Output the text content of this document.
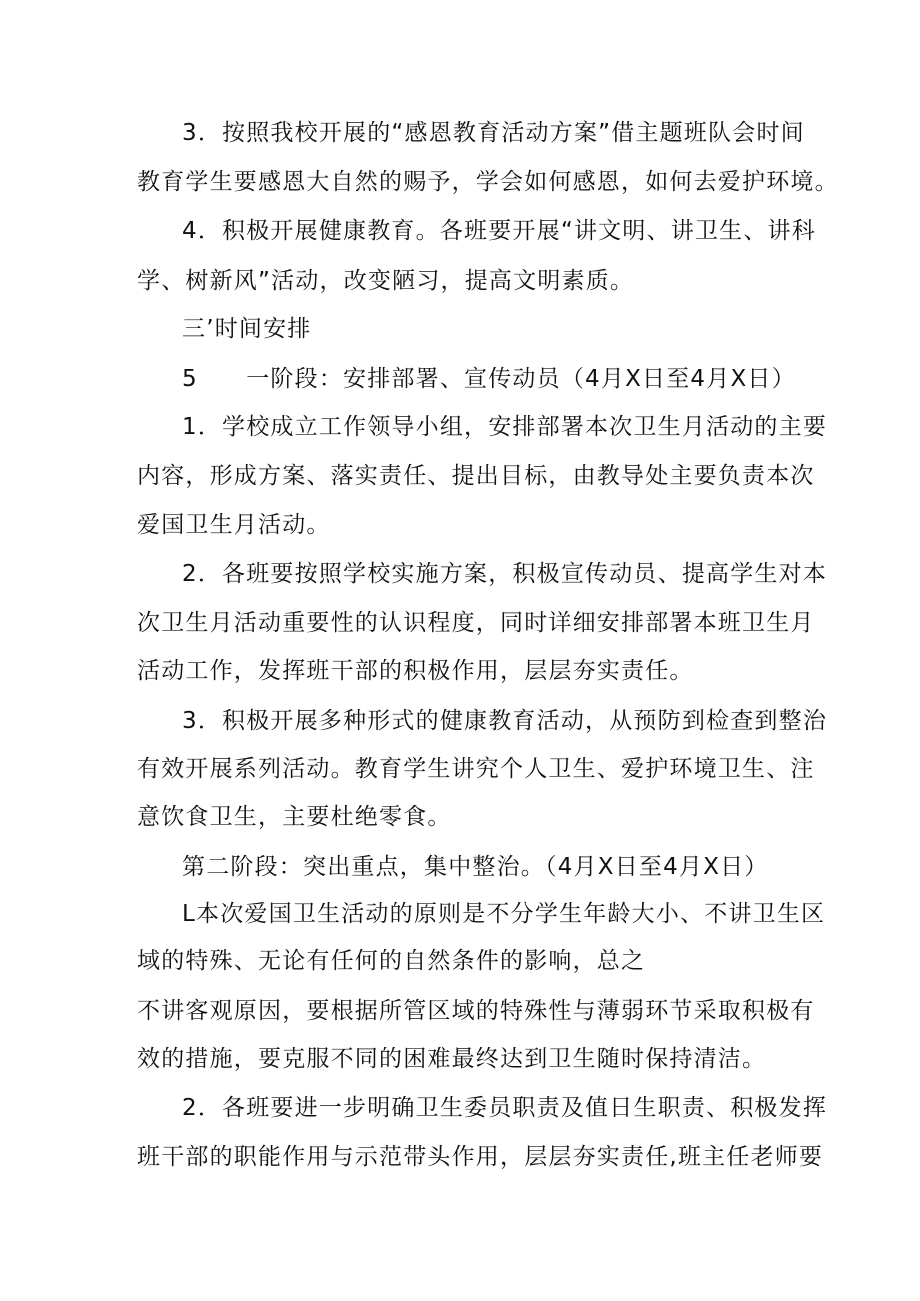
3．按照我校开展的“感恩教育活动方案”借主题班队会时间
教育学生要感恩大自然的赐予，学会如何感恩，如何去爱护环境。
4．积极开展健康教育。各班要开展“讲文明、讲卫生、讲科
学、树新风”活动，改变陋习，提高文明素质。
三’时间安排
5　　一阶段：安排部署、宣传动员（4月X日至4月X日）
1．学校成立工作领导小组，安排部署本次卫生月活动的主要
内容，形成方案、落实责任、提出目标，由教导处主要负责本次
爱国卫生月活动。
2．各班要按照学校实施方案，积极宣传动员、提高学生对本
次卫生月活动重要性的认识程度，同时详细安排部署本班卫生月
活动工作，发挥班干部的积极作用，层层夯实责任。
3．积极开展多种形式的健康教育活动，从预防到检查到整治
有效开展系列活动。教育学生讲究个人卫生、爱护环境卫生、注
意饮食卫生，主要杜绝零食。
第二阶段：突出重点，集中整治。（4月X日至4月X日）
L本次爱国卫生活动的原则是不分学生年龄大小、不讲卫生区
域的特殊、无论有任何的自然条件的影响，总之
不讲客观原因，要根据所管区域的特殊性与薄弱环节采取积极有
效的措施，要克服不同的困难最终达到卫生随时保持清洁。
2．各班要进一步明确卫生委员职责及值日生职责、积极发挥
班干部的职能作用与示范带头作用，层层夯实责任,班主任老师要
